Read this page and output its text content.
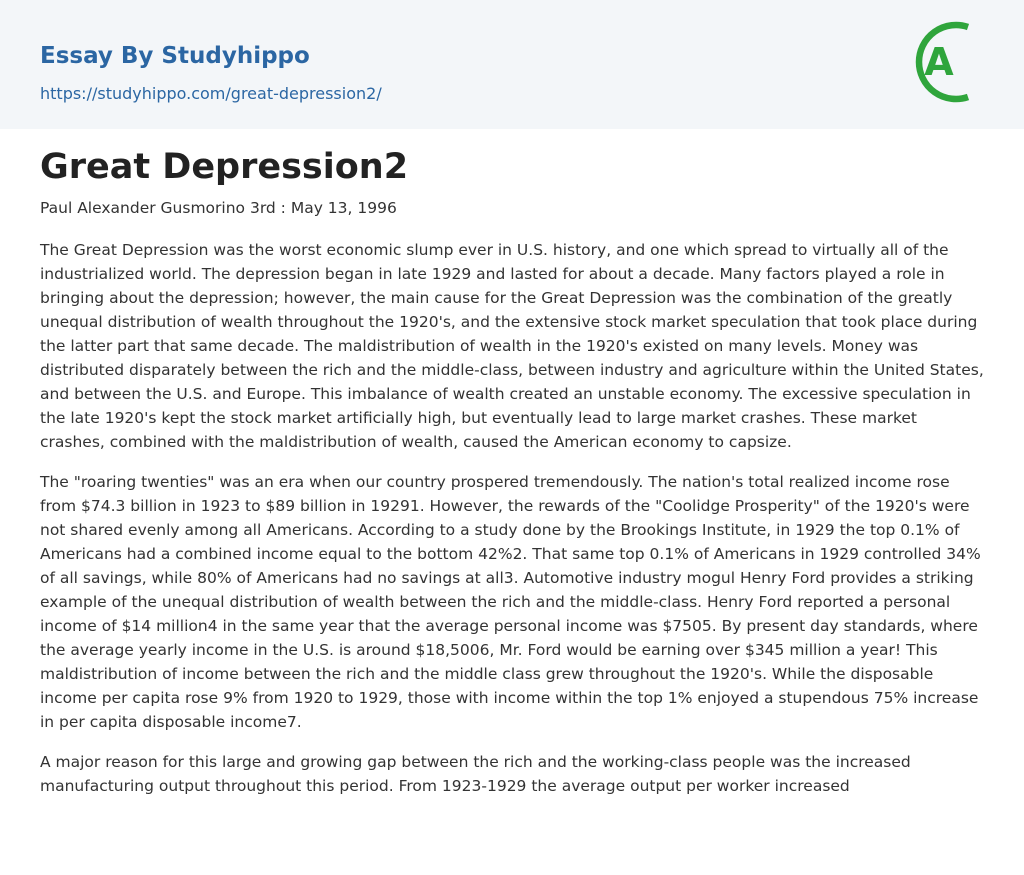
Essay By Studyhippo
https://studyhippo.com/great-depression2/
A
Great Depression2
Paul Alexander Gusmorino 3rd : May 13, 1996

The Great Depression was the worst economic slump ever in U.S. history, and one which spread to virtually all of the industrialized world. The depression began in late 1929 and lasted for about a decade. Many factors played a role in bringing about the depression; however, the main cause for the Great Depression was the combination of the greatly unequal distribution of wealth throughout the 1920's, and the extensive stock market speculation that took place during the latter part that same decade. The maldistribution of wealth in the 1920's existed on many levels. Money was distributed disparately between the rich and the middle-class, between industry and agriculture within the United States, and between the U.S. and Europe. This imbalance of wealth created an unstable economy. The excessive speculation in the late 1920's kept the stock market artificially high, but eventually lead to large market crashes. These market crashes, combined with the maldistribution of wealth, caused the American economy to capsize.

The "roaring twenties" was an era when our country prospered tremendously. The nation's total realized income rose from $74.3 billion in 1923 to $89 billion in 19291. However, the rewards of the "Coolidge Prosperity" of the 1920's were not shared evenly among all Americans. According to a study done by the Brookings Institute, in 1929 the top 0.1% of Americans had a combined income equal to the bottom 42%2. That same top 0.1% of Americans in 1929 controlled 34% of all savings, while 80% of Americans had no savings at all3. Automotive industry mogul Henry Ford provides a striking example of the unequal distribution of wealth between the rich and the middle-class. Henry Ford reported a personal income of $14 million4 in the same year that the average personal income was $7505. By present day standards, where the average yearly income in the U.S. is around $18,5006, Mr. Ford would be earning over $345 million a year! This maldistribution of income between the rich and the middle class grew throughout the 1920's. While the disposable income per capita rose 9% from 1920 to 1929, those with income within the top 1% enjoyed a stupendous 75% increase in per capita disposable income7.

A major reason for this large and growing gap between the rich and the working-class people was the increased manufacturing output throughout this period. From 1923-1929 the average output per worker increased
